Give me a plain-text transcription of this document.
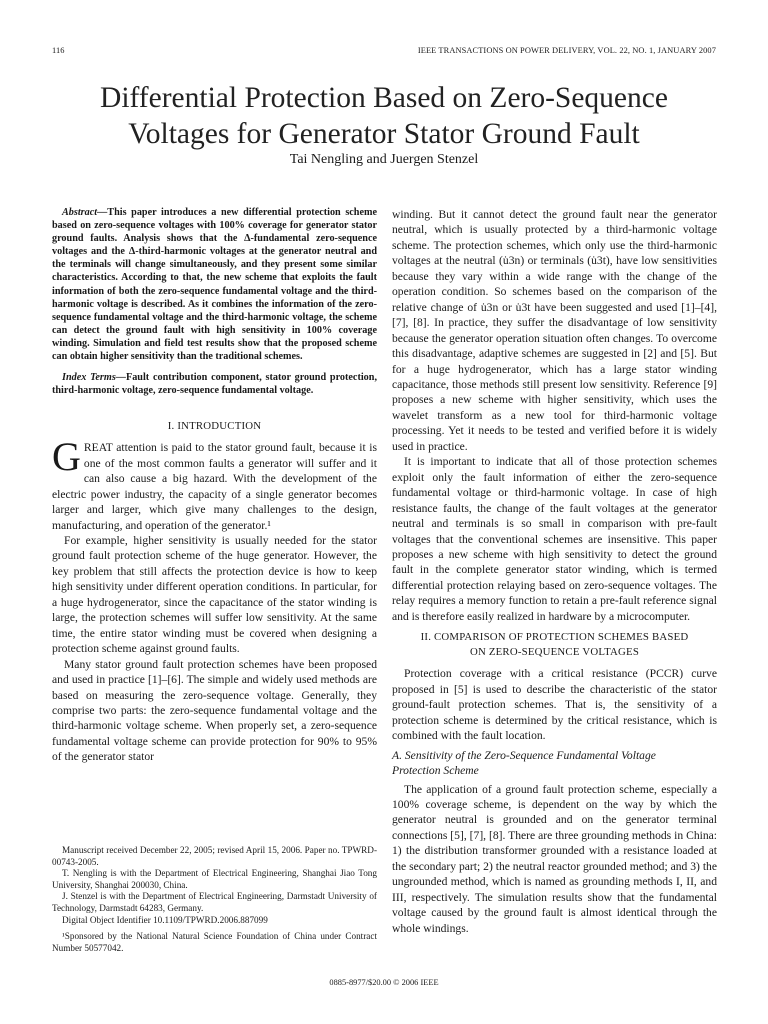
116	IEEE TRANSACTIONS ON POWER DELIVERY, VOL. 22, NO. 1, JANUARY 2007
Differential Protection Based on Zero-Sequence
Voltages for Generator Stator Ground Fault
Tai Nengling and Juergen Stenzel

Abstract—This paper introduces a new differential protection scheme based on zero-sequence voltages with 100% coverage for generator stator ground faults. Analysis shows that the Δ-fundamental zero-sequence voltages and the Δ-third-harmonic voltages at the generator neutral and the terminals will change simultaneously, and they present some similar characteristics. According to that, the new scheme that exploits the fault information of both the zero-sequence fundamental voltage and the third-harmonic voltage is described. As it combines the information of the zero-sequence fundamental voltage and the third-harmonic voltage, the scheme can detect the ground fault with high sensitivity in 100% coverage winding. Simulation and field test results show that the proposed scheme can obtain higher sensitivity than the traditional schemes.

Index Terms—Fault contribution component, stator ground protection, third-harmonic voltage, zero-sequence fundamental voltage.

I. INTRODUCTION

GREAT attention is paid to the stator ground fault, because it is one of the most common faults a generator will suffer and it can also cause a big hazard. With the development of the electric power industry, the capacity of a single generator becomes larger and larger, which give many challenges to the design, manufacturing, and operation of the generator.¹

For example, higher sensitivity is usually needed for the stator ground fault protection scheme of the huge generator. However, the key problem that still affects the protection device is how to keep high sensitivity under different operation conditions. In particular, for a huge hydrogenerator, since the capacitance of the stator winding is large, the protection schemes will suffer low sensitivity. At the same time, the entire stator winding must be covered when designing a protection scheme against ground faults.

Many stator ground fault protection schemes have been proposed and used in practice [1]–[6]. The simple and widely used methods are based on measuring the zero-sequence voltage. Generally, they comprise two parts: the zero-sequence fundamental voltage and the third-harmonic voltage scheme. When properly set, a zero-sequence fundamental voltage scheme can provide protection for 90% to 95% of the generator stator

Manuscript received December 22, 2005; revised April 15, 2006. Paper no. TPWRD-00743-2005.

T. Nengling is with the Department of Electrical Engineering, Shanghai Jiao Tong University, Shanghai 200030, China.

J. Stenzel is with the Department of Electrical Engineering, Darmstadt University of Technology, Darmstadt 64283, Germany.

Digital Object Identifier 10.1109/TPWRD.2006.887099

¹Sponsored by the National Natural Science Foundation of China under Contract Number 50577042.

winding. But it cannot detect the ground fault near the generator neutral, which is usually protected by a third-harmonic voltage scheme. The protection schemes, which only use the third-harmonic voltages at the neutral (u̇3n) or terminals (u̇3t), have low sensitivities because they vary within a wide range with the change of the operation condition. So schemes based on the comparison of the relative change of u̇3n or u̇3t have been suggested and used [1]–[4], [7], [8]. In practice, they suffer the disadvantage of low sensitivity because the generator operation situation often changes. To overcome this disadvantage, adaptive schemes are suggested in [2] and [5]. But for a huge hydrogenerator, which has a large stator winding capacitance, those methods still present low sensitivity. Reference [9] proposes a new scheme with higher sensitivity, which uses the wavelet transform as a new tool for third-harmonic voltage processing. Yet it needs to be tested and verified before it is widely used in practice.

It is important to indicate that all of those protection schemes exploit only the fault information of either the zero-sequence fundamental voltage or third-harmonic voltage. In case of high resistance faults, the change of the fault voltages at the generator neutral and terminals is so small in comparison with pre-fault voltages that the conventional schemes are insensitive. This paper proposes a new scheme with high sensitivity to detect the ground fault in the complete generator stator winding, which is termed differential protection relaying based on zero-sequence voltages. The relay requires a memory function to retain a pre-fault reference signal and is therefore easily realized in hardware by a microcomputer.

II. COMPARISON OF PROTECTION SCHEMES BASED
ON ZERO-SEQUENCE VOLTAGES

Protection coverage with a critical resistance (PCCR) curve proposed in [5] is used to describe the characteristic of the stator ground-fault protection schemes. That is, the sensitivity of a protection scheme is determined by the critical resistance, which is combined with the fault location.

A. Sensitivity of the Zero-Sequence Fundamental Voltage
Protection Scheme

The application of a ground fault protection scheme, especially a 100% coverage scheme, is dependent on the way by which the generator neutral is grounded and on the generator terminal connections [5], [7], [8]. There are three grounding methods in China: 1) the distribution transformer grounded with a resistance loaded at the secondary part; 2) the neutral reactor grounded method; and 3) the ungrounded method, which is named as grounding methods I, II, and III, respectively. The simulation results show that the fundamental voltage caused by the ground fault is almost identical through the whole windings.

0885-8977/$20.00 © 2006 IEEE
